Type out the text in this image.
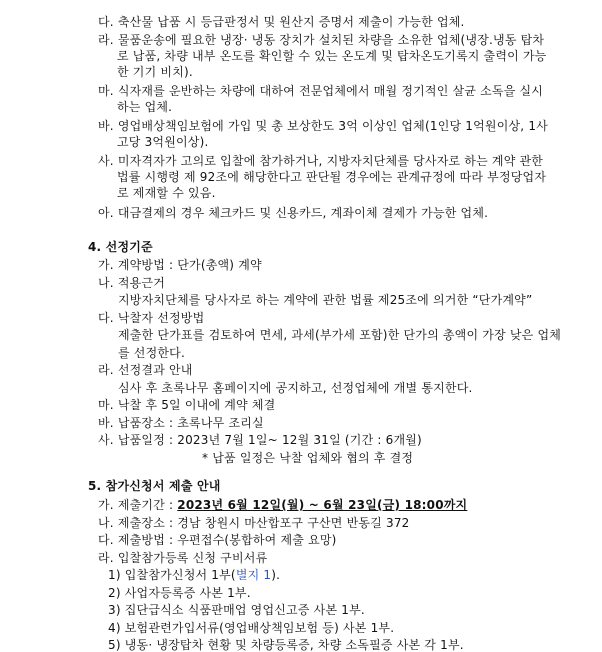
다. 축산물 납품 시 등급판정서 및 원산지 증명서 제출이 가능한 업체.
라. 물품운송에 필요한 냉장· 냉동 장치가 설치된 차량을 소유한 업체(냉장.냉동 탑차
로 납품, 차량 내부 온도를 확인할 수 있는 온도계 및 탑차온도기록지 출력이 가능
한 기기 비치).
마. 식자재를 운반하는 차량에 대하여 전문업체에서 매월 정기적인 살균 소독을 실시
하는 업체.
바. 영업배상책임보험에 가입 및 총 보상한도 3억 이상인 업체(1인당 1억원이상, 1사
고당 3억원이상).
사. 미자격자가 고의로 입찰에 참가하거나, 지방자치단체를 당사자로 하는 계약 관한
법률 시행령 제 92조에 해당한다고 판단될 경우에는 관계규정에 따라 부정당업자
로 제재할 수 있음.
아. 대금결제의 경우 체크카드 및 신용카드, 계좌이체 결제가 가능한 업체.
4. 선정기준
가. 계약방법 : 단가(총액) 계약
나. 적용근거
지방자치단체를 당사자로 하는 계약에 관한 법률 제25조에 의거한 “단가계약”
다. 낙찰자 선정방법
제출한 단가표를 검토하여 면세, 과세(부가세 포함)한 단가의 총액이 가장 낮은 업체
를 선정한다.
라. 선정결과 안내
심사 후 초록나무 홈페이지에 공지하고, 선정업체에 개별 통지한다.
마. 낙찰 후 5일 이내에 계약 체결
바. 납품장소 : 초록나무 조리실
사. 납품일정 : 2023년 7월 1일~ 12월 31일 (기간 : 6개월)
* 납품 일정은 낙찰 업체와 협의 후 결정
5. 참가신청서 제출 안내
가. 제출기간 : 2023년 6월 12일(월) ~ 6월 23일(금) 18:00까지
나. 제출장소 : 경남 창원시 마산합포구 구산면 반동길 372
다. 제출방법 : 우편접수(봉합하여 제출 요망)
라. 입찰참가등록 신청 구비서류
1) 입찰참가신청서 1부(별지 1).
2) 사업자등록증 사본 1부.
3) 집단급식소 식품판매업 영업신고증 사본 1부.
4) 보험관련가입서류(영업배상책임보험 등) 사본 1부.
5) 냉동· 냉장탑차 현황 및 차량등록증, 차량 소독필증 사본 각 1부.
